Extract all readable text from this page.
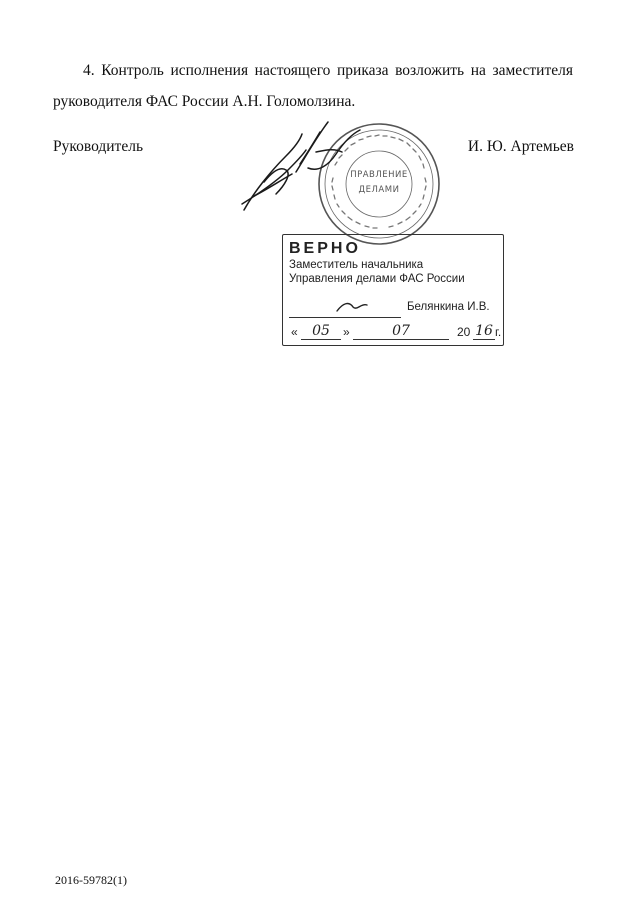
4. Контроль исполнения настоящего приказа возложить на заместителя руководителя ФАС России А.Н. Голомолзина.

Руководитель	И. Ю. Артемьев

ПРАВЛЕНИЕ
ДЕЛАМИ

ВЕРНО

Заместитель начальника

Управления делами ФАС России

Белянкина И.В.

«	05	»	07	20 16 г.

2016-59782(1)
